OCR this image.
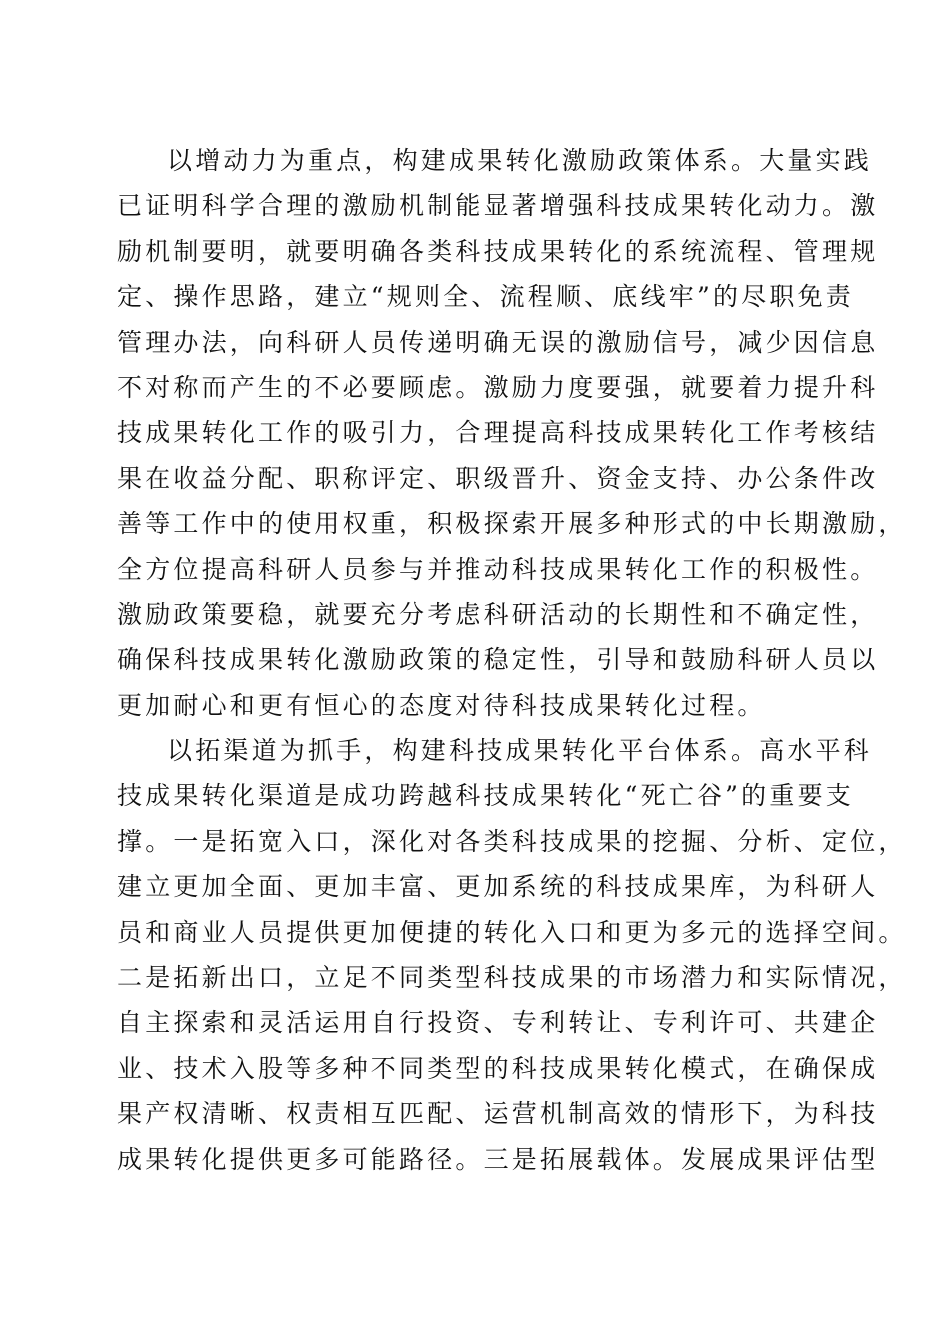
以增动力为重点，构建成果转化激励政策体系。大量实践
已证明科学合理的激励机制能显著增强科技成果转化动力。激
励机制要明，就要明确各类科技成果转化的系统流程、管理规
定、操作思路，建立“规则全、流程顺、底线牢”的尽职免责
管理办法，向科研人员传递明确无误的激励信号，减少因信息
不对称而产生的不必要顾虑。激励力度要强，就要着力提升科
技成果转化工作的吸引力，合理提高科技成果转化工作考核结
果在收益分配、职称评定、职级晋升、资金支持、办公条件改
善等工作中的使用权重，积极探索开展多种形式的中长期激励，
全方位提高科研人员参与并推动科技成果转化工作的积极性。
激励政策要稳，就要充分考虑科研活动的长期性和不确定性，
确保科技成果转化激励政策的稳定性，引导和鼓励科研人员以
更加耐心和更有恒心的态度对待科技成果转化过程。
以拓渠道为抓手，构建科技成果转化平台体系。高水平科
技成果转化渠道是成功跨越科技成果转化“死亡谷”的重要支
撑。一是拓宽入口，深化对各类科技成果的挖掘、分析、定位，
建立更加全面、更加丰富、更加系统的科技成果库，为科研人
员和商业人员提供更加便捷的转化入口和更为多元的选择空间。
二是拓新出口，立足不同类型科技成果的市场潜力和实际情况，
自主探索和灵活运用自行投资、专利转让、专利许可、共建企
业、技术入股等多种不同类型的科技成果转化模式，在确保成
果产权清晰、权责相互匹配、运营机制高效的情形下，为科技
成果转化提供更多可能路径。三是拓展载体。发展成果评估型
